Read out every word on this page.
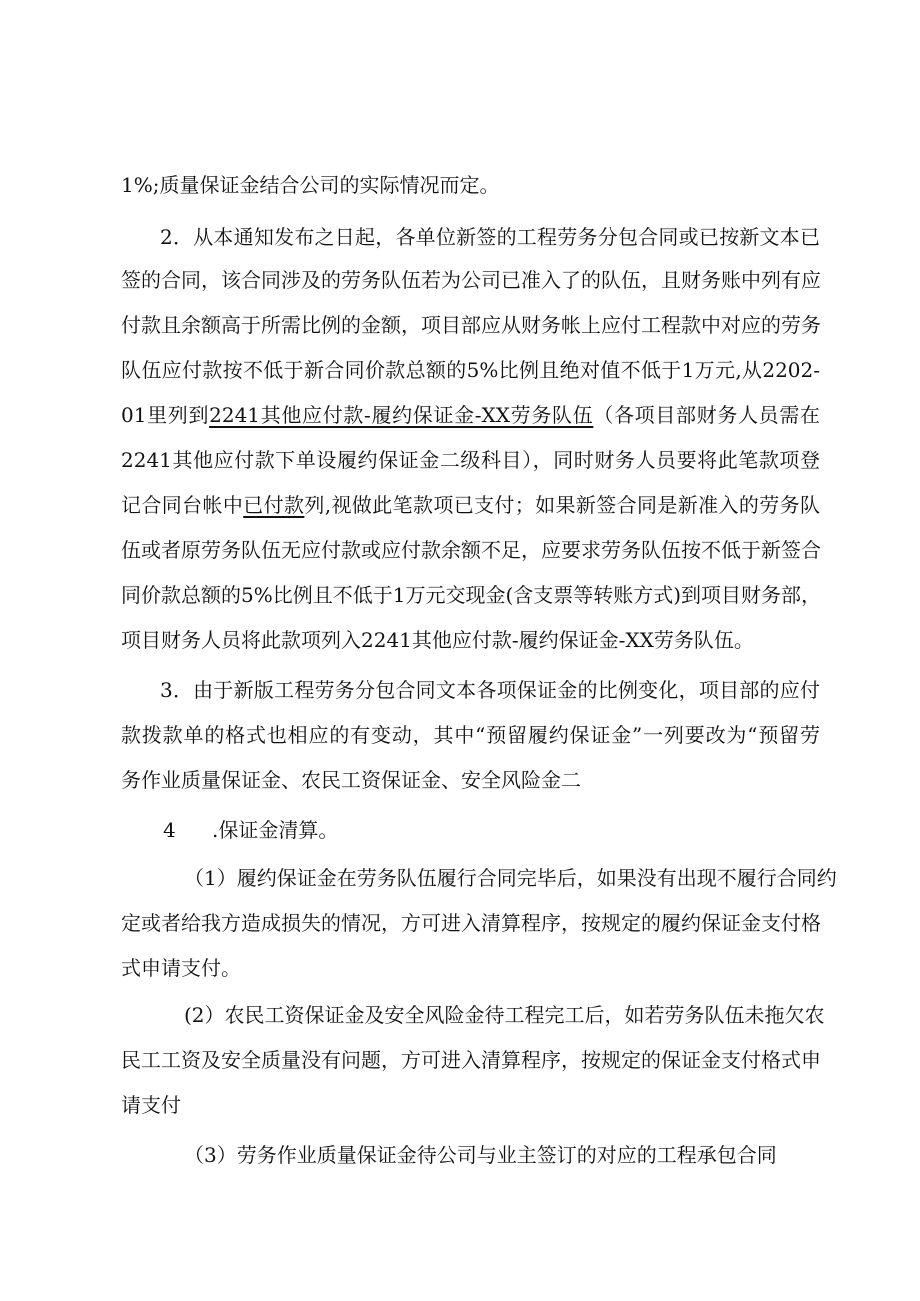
1%;质量保证金结合公司的实际情况而定。
2．从本通知发布之日起，各单位新签的工程劳务分包合同或已按新文本已
签的合同，该合同涉及的劳务队伍若为公司已准入了的队伍，且财务账中列有应
付款且余额高于所需比例的金额，项目部应从财务帐上应付工程款中对应的劳务
队伍应付款按不低于新合同价款总额的5%比例且绝对值不低于1万元,从2202-
01里列到2241其他应付款-履约保证金-XX劳务队伍（各项目部财务人员需在
2241其他应付款下单设履约保证金二级科目），同时财务人员要将此笔款项登
记合同台帐中已付款列,视做此笔款项已支付；如果新签合同是新准入的劳务队
伍或者原劳务队伍无应付款或应付款余额不足，应要求劳务队伍按不低于新签合
同价款总额的5%比例且不低于1万元交现金(含支票等转账方式)到项目财务部，
项目财务人员将此款项列入2241其他应付款-履约保证金-XX劳务队伍。
3．由于新版工程劳务分包合同文本各项保证金的比例变化，项目部的应付
款拨款单的格式也相应的有变动，其中“预留履约保证金”一列要改为“预留劳
务作业质量保证金、农民工资保证金、安全风险金二
4 .保证金清算。
（1）履约保证金在劳务队伍履行合同完毕后，如果没有出现不履行合同约
定或者给我方造成损失的情况，方可进入清算程序，按规定的履约保证金支付格
式申请支付。
(2）农民工资保证金及安全风险金待工程完工后，如若劳务队伍未拖欠农
民工工资及安全质量没有问题，方可进入清算程序，按规定的保证金支付格式申
请支付
（3）劳务作业质量保证金待公司与业主签订的对应的工程承包合同
